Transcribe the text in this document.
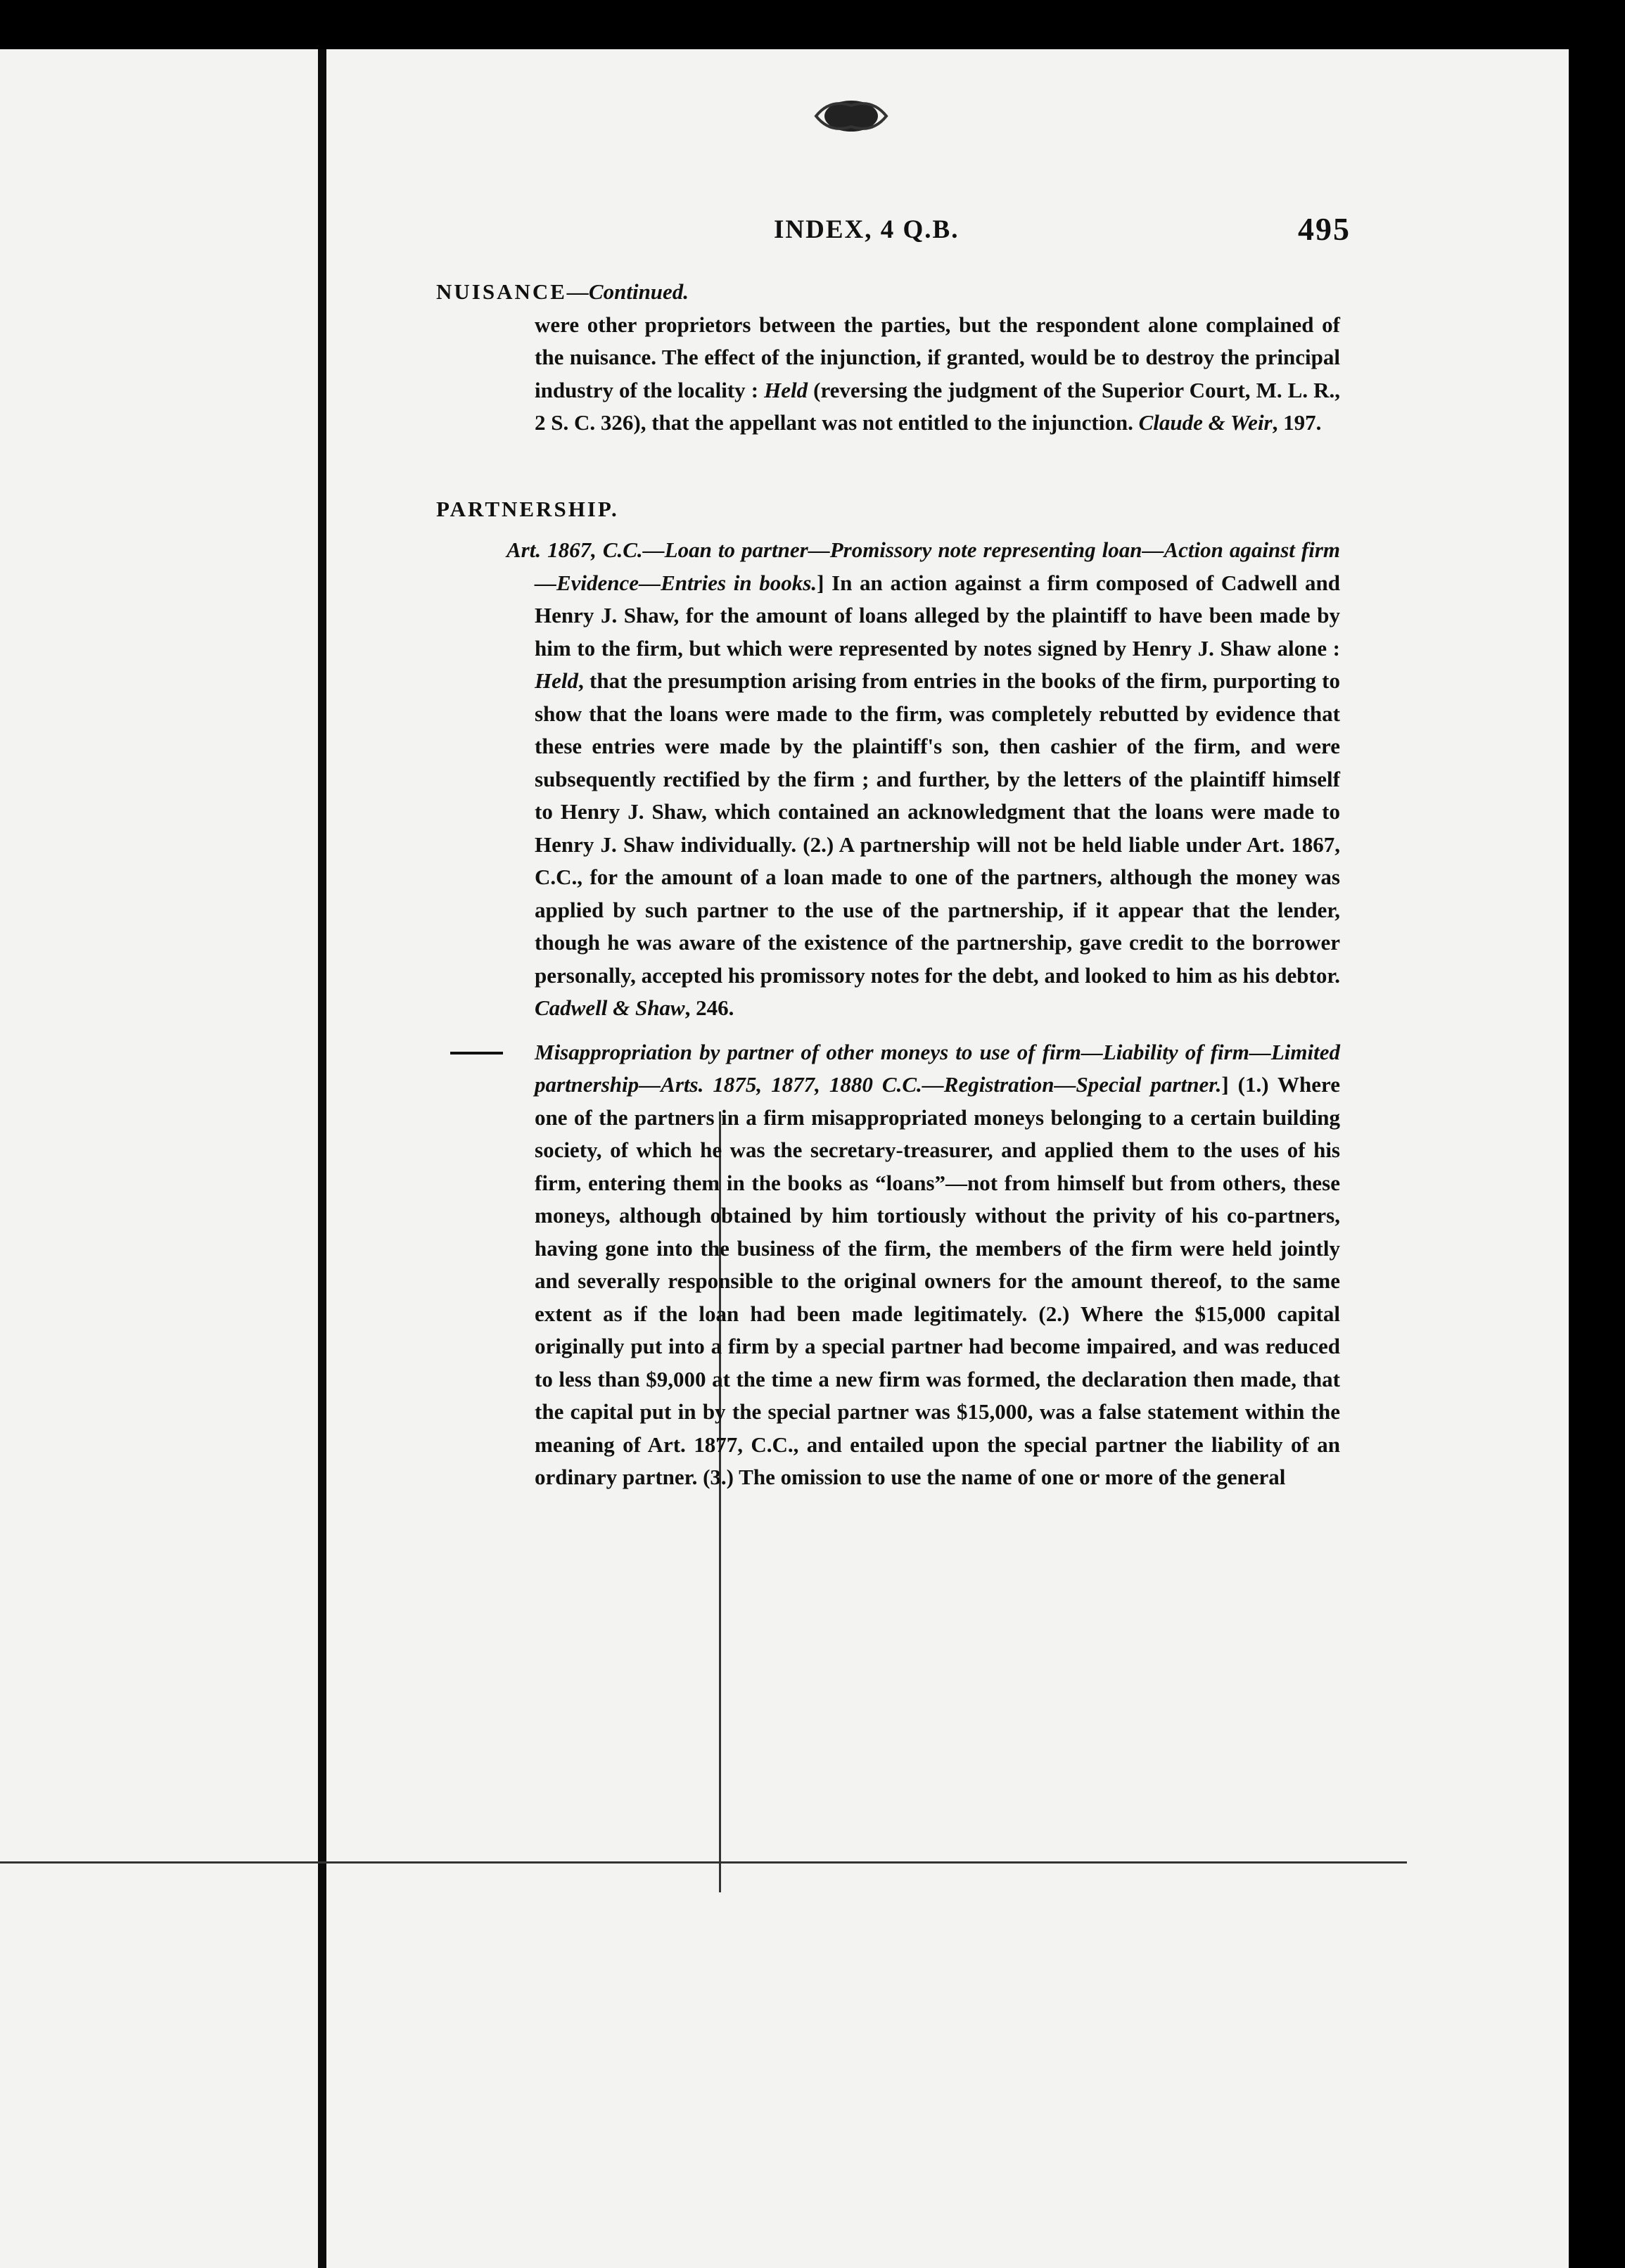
INDEX, 4 Q.B.	495

NUISANCE—Continued.

were other proprietors between the parties, but the respondent alone complained of the nuisance. The effect of the injunction, if granted, would be to destroy the principal industry of the locality : Held (reversing the judgment of the Superior Court, M. L. R., 2 S. C. 326), that the appellant was not entitled to the injunction. Claude & Weir, 197.

PARTNERSHIP.

Art. 1867, C.C.—Loan to partner—Promissory note representing loan—Action against firm—Evidence—Entries in books.] In an action against a firm composed of Cadwell and Henry J. Shaw, for the amount of loans alleged by the plaintiff to have been made by him to the firm, but which were represented by notes signed by Henry J. Shaw alone : Held, that the presumption arising from entries in the books of the firm, purporting to show that the loans were made to the firm, was completely rebutted by evidence that these entries were made by the plaintiff's son, then cashier of the firm, and were subsequently rectified by the firm ; and further, by the letters of the plaintiff himself to Henry J. Shaw, which contained an acknowledgment that the loans were made to Henry J. Shaw individually. (2.) A partnership will not be held liable under Art. 1867, C.C., for the amount of a loan made to one of the partners, although the money was applied by such partner to the use of the partnership, if it appear that the lender, though he was aware of the existence of the partnership, gave credit to the borrower personally, accepted his promissory notes for the debt, and looked to him as his debtor. Cadwell & Shaw, 246.

Misappropriation by partner of other moneys to use of firm—Liability of firm—Limited partnership—Arts. 1875, 1877, 1880 C.C.—Registration—Special partner.] (1.) Where one of the partners in a firm misappropriated moneys belonging to a certain building society, of which he was the secretary-treasurer, and applied them to the uses of his firm, entering them in the books as “loans”—not from himself but from others, these moneys, although obtained by him tortiously without the privity of his co-partners, having gone into the business of the firm, the members of the firm were held jointly and severally responsible to the original owners for the amount thereof, to the same extent as if the loan had been made legitimately. (2.) Where the $15,000 capital originally put into a firm by a special partner had become impaired, and was reduced to less than $9,000 at the time a new firm was formed, the declaration then made, that the capital put in by the special partner was $15,000, was a false statement within the meaning of Art. 1877, C.C., and entailed upon the special partner the liability of an ordinary partner. (3.) The omission to use the name of one or more of the general
